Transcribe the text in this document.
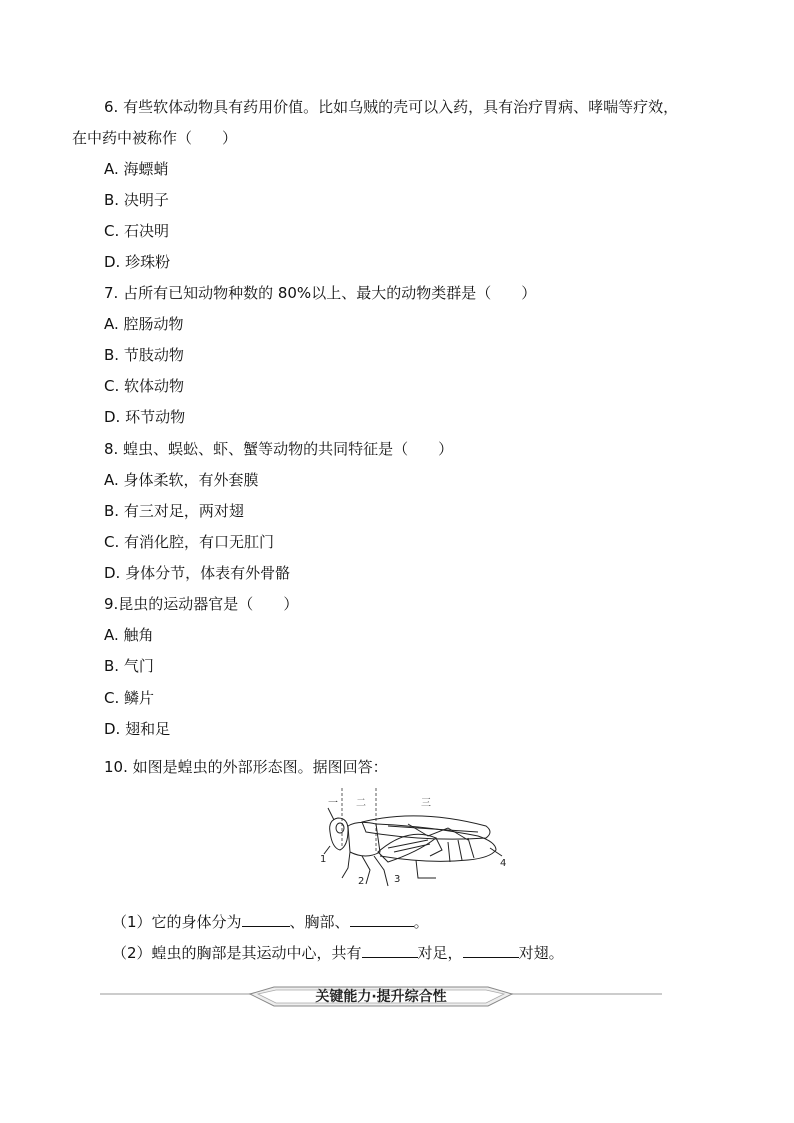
6. 有些软体动物具有药用价值。比如乌贼的壳可以入药，具有治疗胃病、哮喘等疗效，
在中药中被称作（　　）
A. 海螵蛸
B. 决明子
C. 石决明
D. 珍珠粉
7. 占所有已知动物种数的 80%以上、最大的动物类群是（　　）
A. 腔肠动物
B. 节肢动物
C. 软体动物
D. 环节动物
8. 蝗虫、蜈蚣、虾、蟹等动物的共同特征是（　　）
A. 身体柔软，有外套膜
B. 有三对足，两对翅
C. 有消化腔，有口无肛门
D. 身体分节，体表有外骨骼
9.昆虫的运动器官是（　　）
A. 触角
B. 气门
C. 鳞片
D. 翅和足
10. 如图是蝗虫的外部形态图。据图回答：
一 二	三
1
2	3
4
（1）它的身体分为	、胸部、	。
（2）蝗虫的胸部是其运动中心，共有	对足，	对翅。
关键能力·提升综合性
